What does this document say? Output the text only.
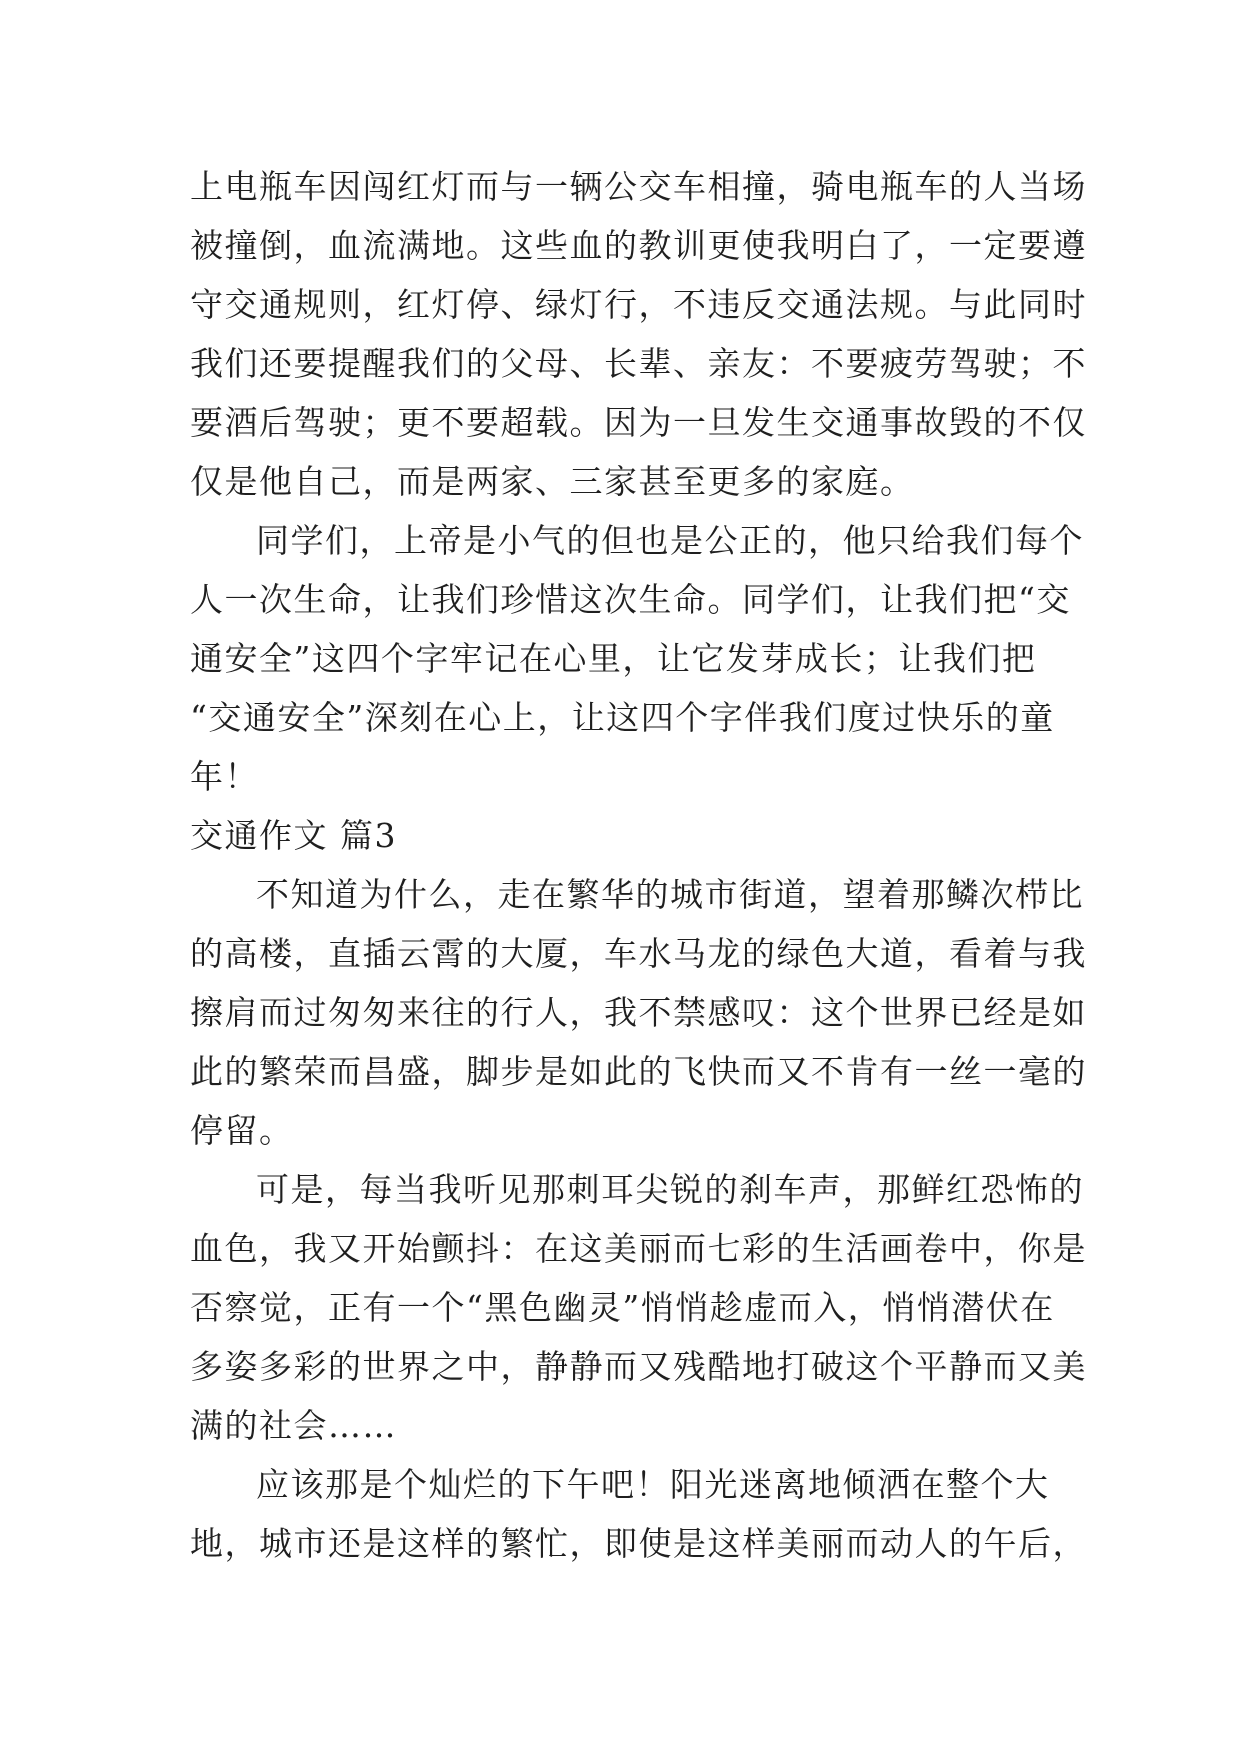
上电瓶车因闯红灯而与一辆公交车相撞，骑电瓶车的人当场
被撞倒，血流满地。这些血的教训更使我明白了，一定要遵
守交通规则，红灯停、绿灯行，不违反交通法规。与此同时
我们还要提醒我们的父母、长辈、亲友：不要疲劳驾驶；不
要酒后驾驶；更不要超载。因为一旦发生交通事故毁的不仅
仅是他自己，而是两家、三家甚至更多的家庭。
同学们，上帝是小气的但也是公正的，他只给我们每个
人一次生命，让我们珍惜这次生命。同学们，让我们把“交
通安全”这四个字牢记在心里，让它发芽成长；让我们把
“交通安全”深刻在心上，让这四个字伴我们度过快乐的童
年！
交通作文 篇3
不知道为什么，走在繁华的城市街道，望着那鳞次栉比
的高楼，直插云霄的大厦，车水马龙的绿色大道，看着与我
擦肩而过匆匆来往的行人，我不禁感叹：这个世界已经是如
此的繁荣而昌盛，脚步是如此的飞快而又不肯有一丝一毫的
停留。
可是，每当我听见那刺耳尖锐的刹车声，那鲜红恐怖的
血色，我又开始颤抖：在这美丽而七彩的生活画卷中，你是
否察觉，正有一个“黑色幽灵”悄悄趁虚而入，悄悄潜伏在
多姿多彩的世界之中，静静而又残酷地打破这个平静而又美
满的社会……
应该那是个灿烂的下午吧！阳光迷离地倾洒在整个大
地，城市还是这样的繁忙，即使是这样美丽而动人的午后，
